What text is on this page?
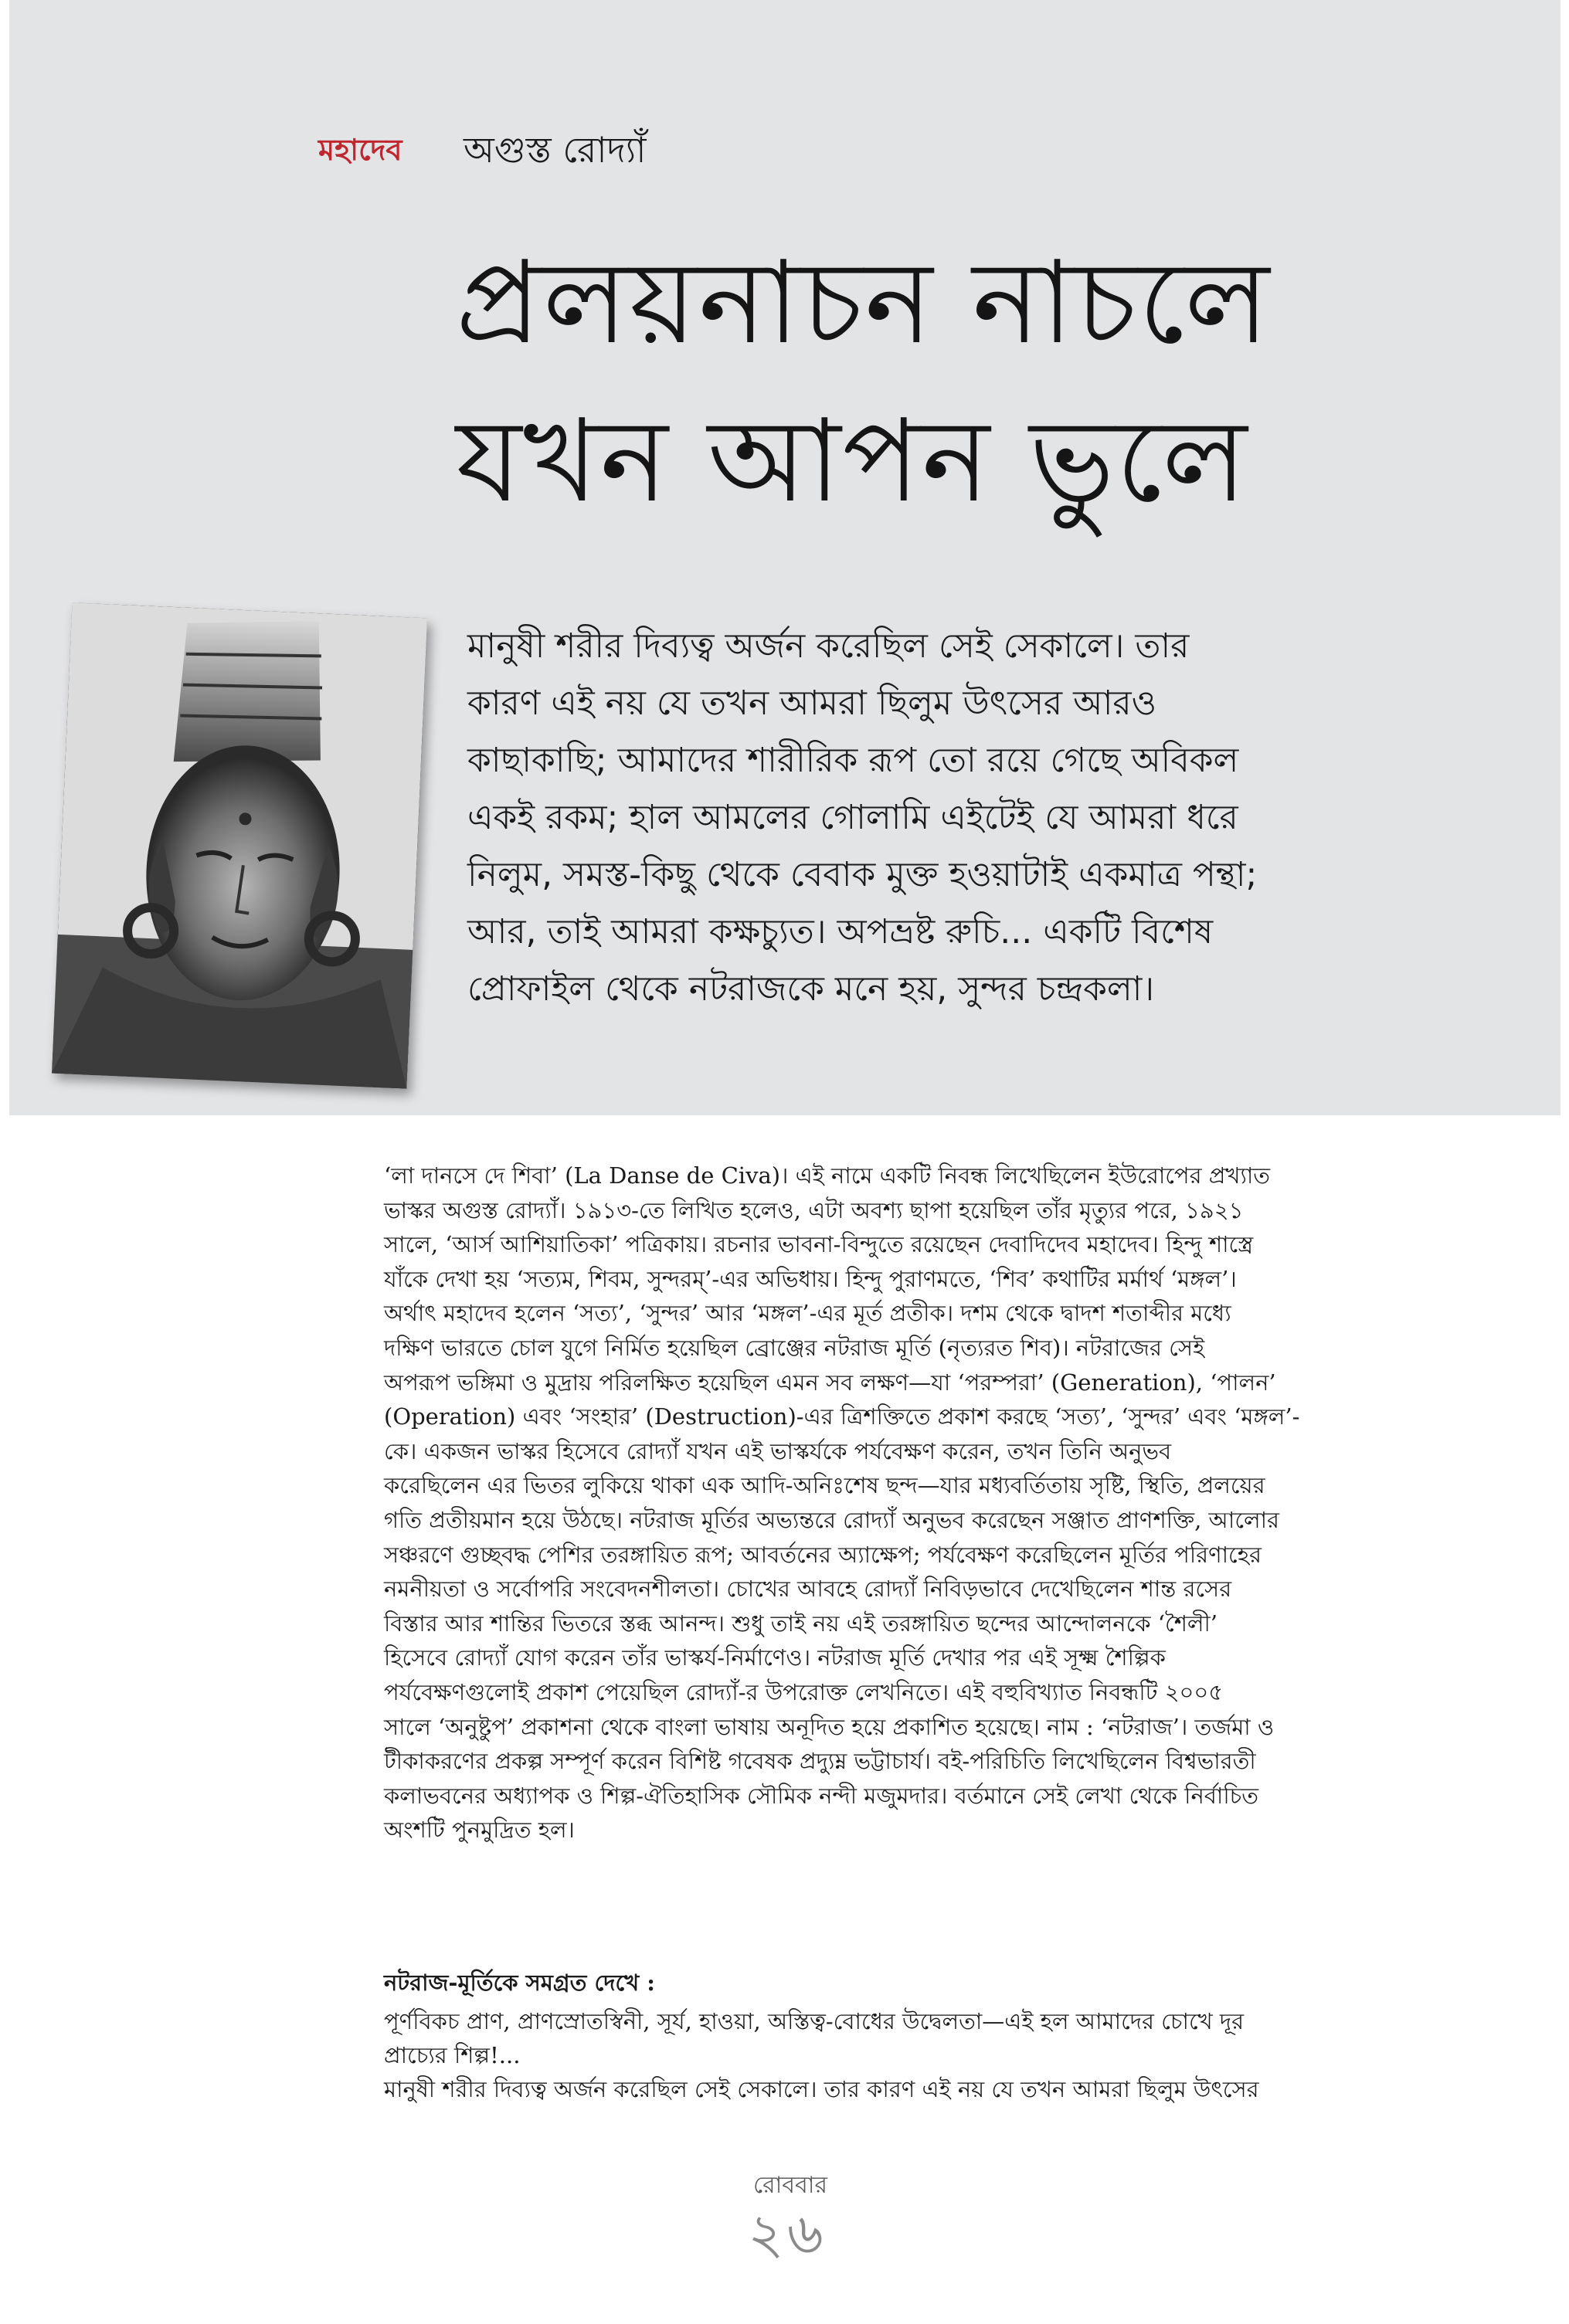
মহাদেব অগুস্ত রোদ্যাঁ
প্রলয়নাচন নাচলে
যখন আপন ভুলে

মানুষী শরীর দিব্যত্ব অর্জন করেছিল সেই সেকালে। তার
কারণ এই নয় যে তখন আমরা ছিলুম উৎসের আরও
কাছাকাছি; আমাদের শারীরিক রূপ তো রয়ে গেছে অবিকল
একই রকম; হাল আমলের গোলামি এইটেই যে আমরা ধরে
নিলুম, সমস্ত-কিছু থেকে বেবাক মুক্ত হওয়াটাই একমাত্র পন্থা;
আর, তাই আমরা কক্ষচ্যুত। অপভ্রষ্ট রুচি... একটি বিশেষ
প্রোফাইল থেকে নটরাজকে মনে হয়, সুন্দর চন্দ্রকলা।

‘লা দানসে দে শিবা’ (La Danse de Civa)। এই নামে একটি নিবন্ধ লিখেছিলেন ইউরোপের প্রখ্যাত
ভাস্কর অগুস্ত রোদ্যাঁ। ১৯১৩-তে লিখিত হলেও, এটা অবশ্য ছাপা হয়েছিল তাঁর মৃত্যুর পরে, ১৯২১
সালে, ‘আর্স আশিয়াতিকা’ পত্রিকায়। রচনার ভাবনা-বিন্দুতে রয়েছেন দেবাদিদেব মহাদেব। হিন্দু শাস্ত্রে
যাঁকে দেখা হয় ‘সত্যম, শিবম, সুন্দরম্’-এর অভিধায়। হিন্দু পুরাণমতে, ‘শিব’ কথাটির মর্মার্থ ‘মঙ্গল’।
অর্থাৎ মহাদেব হলেন ‘সত্য’, ‘সুন্দর’ আর ‘মঙ্গল’-এর মূর্ত প্রতীক। দশম থেকে দ্বাদশ শতাব্দীর মধ্যে
দক্ষিণ ভারতে চোল যুগে নির্মিত হয়েছিল ব্রোঞ্জের নটরাজ মূর্তি (নৃত্যরত শিব)। নটরাজের সেই
অপরূপ ভঙ্গিমা ও মুদ্রায় পরিলক্ষিত হয়েছিল এমন সব লক্ষণ—যা ‘পরম্পরা’ (Generation), ‘পালন’
(Operation) এবং ‘সংহার’ (Destruction)-এর ত্রিশক্তিতে প্রকাশ করছে ‘সত্য’, ‘সুন্দর’ এবং ‘মঙ্গল’-
কে। একজন ভাস্কর হিসেবে রোদ্যাঁ যখন এই ভাস্কর্যকে পর্যবেক্ষণ করেন, তখন তিনি অনুভব
করেছিলেন এর ভিতর লুকিয়ে থাকা এক আদি-অনিঃশেষ ছন্দ—যার মধ্যবর্তিতায় সৃষ্টি, স্থিতি, প্রলয়ের
গতি প্রতীয়মান হয়ে উঠছে। নটরাজ মূর্তির অভ্যন্তরে রোদ্যাঁ অনুভব করেছেন সঞ্জাত প্রাণশক্তি, আলোর
সঞ্চরণে গুচ্ছবদ্ধ পেশির তরঙ্গায়িত রূপ; আবর্তনের অ্যাক্ষেপ; পর্যবেক্ষণ করেছিলেন মূর্তির পরিণাহের
নমনীয়তা ও সর্বোপরি সংবেদনশীলতা। চোখের আবহে রোদ্যাঁ নিবিড়ভাবে দেখেছিলেন শান্ত রসের
বিস্তার আর শান্তির ভিতরে স্তব্ধ আনন্দ। শুধু তাই নয় এই তরঙ্গায়িত ছন্দের আন্দোলনকে ‘শৈলী’
হিসেবে রোদ্যাঁ যোগ করেন তাঁর ভাস্কর্য-নির্মাণেও। নটরাজ মূর্তি দেখার পর এই সূক্ষ্ম শৈল্পিক
পর্যবেক্ষণগুলোই প্রকাশ পেয়েছিল রোদ্যাঁ-র উপরোক্ত লেখনিতে। এই বহুবিখ্যাত নিবন্ধটি ২০০৫
সালে ‘অনুষ্টুপ’ প্রকাশনা থেকে বাংলা ভাষায় অনূদিত হয়ে প্রকাশিত হয়েছে। নাম : ‘নটরাজ’। তর্জমা ও
টীকাকরণের প্রকল্প সম্পূর্ণ করেন বিশিষ্ট গবেষক প্রদ্যুম্ন ভট্টাচার্য। বই-পরিচিতি লিখেছিলেন বিশ্বভারতী
কলাভবনের অধ্যাপক ও শিল্প-ঐতিহাসিক সৌমিক নন্দী মজুমদার। বর্তমানে সেই লেখা থেকে নির্বাচিত
অংশটি পুনমুদ্রিত হল।

নটরাজ-মূর্তিকে সমগ্রত দেখে :

পূর্ণবিকচ প্রাণ, প্রাণস্রোতস্বিনী, সূর্য, হাওয়া, অস্তিত্ব-বোধের উদ্বেলতা—এই হল আমাদের চোখে দূর
প্রাচ্যের শিল্প!...
মানুষী শরীর দিব্যত্ব অর্জন করেছিল সেই সেকালে। তার কারণ এই নয় যে তখন আমরা ছিলুম উৎসের

রোববার
২৬
